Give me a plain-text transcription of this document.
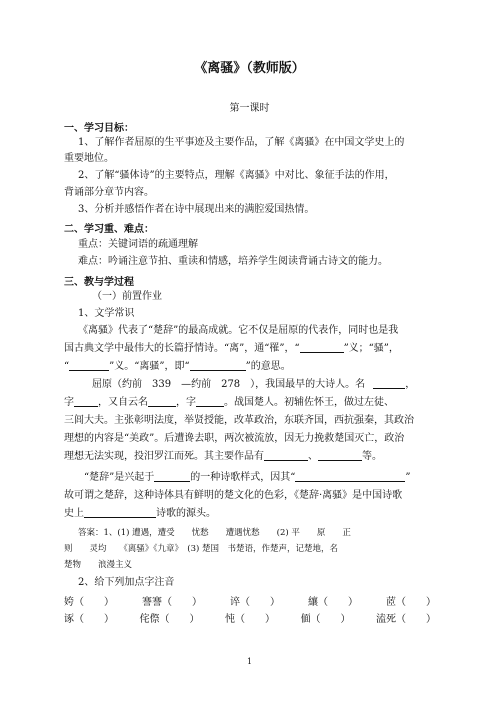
《离骚》（教师版）
第一课时
一、学习目标：
1、了解作者屈原的生平事迹及主要作品，了解《离骚》在中国文学史上的
重要地位。
2、了解“骚体诗”的主要特点，理解《离骚》中对比、象征手法的作用，
背诵部分章节内容。
3、分析并感悟作者在诗中展现出来的满腔爱国热情。
二、学习重、难点：
重点：关键词语的疏通理解
难点：吟诵注意节拍、重读和情感，培养学生阅读背诵古诗文的能力。
三、教与学过程
（一）前置作业
1、文学常识
《离骚》代表了“楚辞”的最高成就。它不仅是屈原的代表作，同时也是我
国古典文学中最伟大的长篇抒情诗。“离”，通“罹”，“	”义；“骚”，
“	”义。“离骚”，即“	”的意思。
屈原（约前　339　—约前　278　），我国最早的大诗人。名	，
字 ，又自云名	，字	。战国楚人。初辅佐怀王，做过左徒、
三闾大夫。主张彰明法度，举贤授能，改革政治，东联齐国，西抗强秦，其政治
理想的内容是“美政”。后遭谗去职，两次被流放，因无力挽救楚国灭亡，政治
理想无法实现，投汨罗江而死。其主要作品有	、	等。
“楚辞”是兴起于	的一种诗歌样式，因其“	”
故可谓之楚辞，这种诗体具有鲜明的楚文化的色彩，《楚辞·离骚》是中国诗歌
史上	诗歌的源头。
答案：1、(1) 遭遇，遭受　　忧愁　　遭遇忧愁　　(2) 平　　原　　正
则　　灵均　　《离骚》《九章》　(3) 楚国　书楚语，作楚声，记楚地，名
楚物　　浪漫主义
2、给下列加点字注音
姱（　　）	謇謇（　　）	谇（　　）	纕（　　）	茝（　　）
诼（　　）	侘傺（　　）	忳（　　）	偭（　　）	溘死（　　）
1
